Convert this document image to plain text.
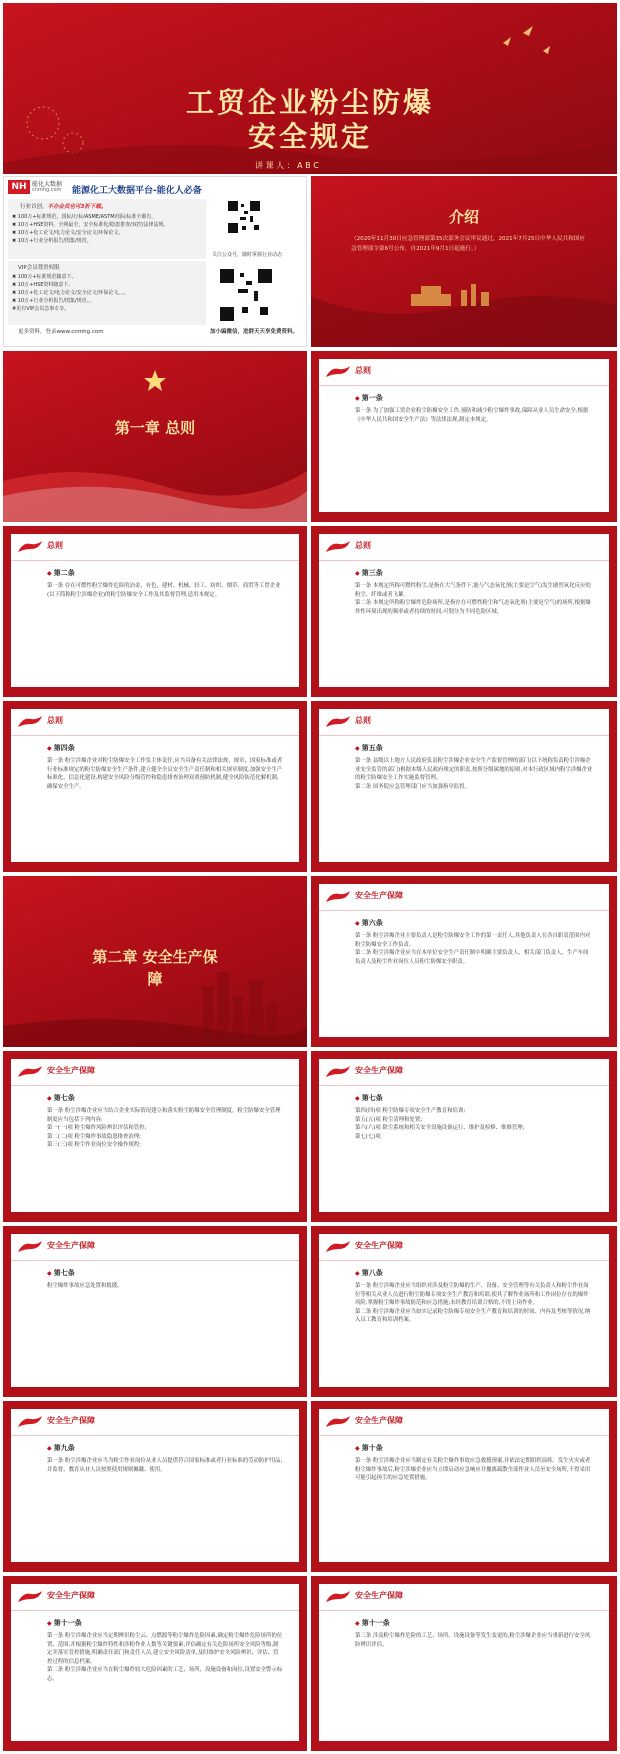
工贸企业粉尘防爆
安全规定
讲 课 人 ： A B C
NH 能化大数据
cnmhg.com 能源化工大数据平台-能化人必备
行业首创，不办会员也可3折下载。
✖ 100万+标准规范，国标/行标/ASME/ASTM/国际标准全都有。
✖ 10万+HSE资料，全网最全，安全标准化/隐患排查/双控/法律法规。
✖ 10万+化工论文/电力论文/安全论文/环保论文。
✖ 10万+行业分析报告/图集/规范。
VIP会员尊贵权限
✖ 100万+标准规范随意下。
✖ 10万+HSE资料随意下。
✖ 10万+化工论文/电力论文/安全论文/环保论文。。。
✖ 10万+行业分析报告/图集/规范。。
#更有VIP会员急事专享。
更多资料，登录www.cnmhg.com
关注公众号，随时掌握行业动态
加小编微信，进群天天享免费资料。
介绍
（2020年11月30日应急管理部第35次部务会议审议通过，2021年7月25日中华人民共和国应急管理部令第6号公布，自2021年9月1日起施行。）
第一章 总则
总则
◆ 第一条
第一条 为了加强工贸企业粉尘防爆安全工作,预防和减少粉尘爆炸事故,保障从业人员生命安全,根据《中华人民共和国安全生产法》等法律法规,制定本规定。
总则
◆ 第二条
第一条 存在可燃性粉尘爆炸危险的冶金、有色、建材、机械、轻工、纺织、烟草、商贸等工贸企业(以下简称粉尘涉爆企业)的粉尘防爆安全工作及其监督管理,适用本规定。
总则
◆ 第三条
第一条 本规定所称可燃性粉尘,是指在大气条件下,能与气态氧化剂(主要是空气)发生剧烈氧化反应的粉尘、纤维或者飞絮。
第二条 本规定所称粉尘爆炸危险场所,是指存在可燃性粉尘和气态氧化剂(主要是空气)的场所,根据爆炸性环境出现的频率或者持续的时间,可划分为不同危险区域。
总则
◆ 第四条
第一条 粉尘涉爆企业对粉尘防爆安全工作负主体责任,应当具备有关法律法规、规章、国家标准或者行业标准规定的粉尘防爆安全生产条件,建立健全全员安全生产责任制和相关规章制度,加强安全生产标准化、信息化建设,构建安全风险分级管控和隐患排查治理双重预防机制,健全风险防范化解机制,确保安全生产。
总则
◆ 第五条
第一条 县级以上地方人民政府负责粉尘涉爆企业安全生产监督管理的部门(以下统称负责粉尘涉爆企业安全监管的部门)根据本级人民政府规定的职责,按照分级属地的原则,对本行政区域内粉尘涉爆企业的粉尘防爆安全工作实施监督管理。
第二条 国务院应急管理部门应当加强指导监督。
第二章 安全生产保
障
安全生产保障
◆ 第六条
第一条 粉尘涉爆企业主要负责人是粉尘防爆安全工作的第一责任人,其他负责人在各自职责范围内对粉尘防爆安全工作负责。
第二条 粉尘涉爆企业应当在本单位安全生产责任制中明确主要负责人、相关部门负责人、生产车间负责人及粉尘作业岗位人员粉尘防爆安全职责。
安全生产保障
◆ 第七条
第一条 粉尘涉爆企业应当结合企业实际情况建立和落实粉尘防爆安全管理制度。粉尘防爆安全管理制度应当包括下列内容:
第一(一)项 粉尘爆炸风险辨识评估和管控;
第二(二)项 粉尘爆炸事故隐患排查治理;
第三(三)项 粉尘作业岗位安全操作规程;
安全生产保障
◆ 第七条
第四(四)项 粉尘防爆专项安全生产教育和培训;
第五(五)项 粉尘清理和处置;
第六(六)项 除尘系统和相关安全设施设备运行、维护及检修、维修管理;
第七(七)项
安全生产保障
◆ 第七条
粉尘爆炸事故应急处置和救援。
安全生产保障
◆ 第八条
第一条 粉尘涉爆企业应当组织对涉及粉尘防爆的生产、设备、安全管理等有关负责人和粉尘作业岗位等相关从业人员进行粉尘防爆专项安全生产教育和培训,使其了解作业场所和工作岗位存在的爆炸风险,掌握粉尘爆炸事故防范和应急措施;未经教育培训合格的,不得上岗作业。
第二条 粉尘涉爆企业应当如实记录粉尘防爆专项安全生产教育和培训的时间、内容及考核等情况,纳入员工教育和培训档案。
安全生产保障
◆ 第九条
第一条 粉尘涉爆企业应当为粉尘作业岗位从业人员提供符合国家标准或者行业标准的劳动防护用品,并监督、教育从业人员按照使用规则佩戴、使用。
安全生产保障
◆ 第十条
第一条 粉尘涉爆企业应当制定有关粉尘爆炸事故应急救援预案,并依法定期组织演练。发生火灾或者粉尘爆炸事故后,粉尘涉爆企业应当立即启动应急响应并撤离疏散全部作业人员至安全场所,不得采用可能引起扬尘的应急处置措施。
安全生产保障
◆ 第十一条
第一条 粉尘涉爆企业应当定期辨识粉尘云、点燃源等粉尘爆炸危险因素,确定粉尘爆炸危险场所的位置、范围,并根据粉尘爆炸特性和涉粉作业人数等关键要素,评估确定有关危险场所安全风险等级,制定并落实管控措施,明确责任部门和责任人员,建立安全风险清单,及时维护安全风险辨识、评估、管控过程的信息档案。
第二条 粉尘涉爆企业应当在粉尘爆炸较大危险因素的工艺、场所、设施设备和岗位,设置安全警示标志。
安全生产保障
◆ 第十一条
第三条 涉及粉尘爆炸危险的工艺、场所、设施设备等发生变更的,粉尘涉爆企业应当重新进行安全风险辨识评估。
